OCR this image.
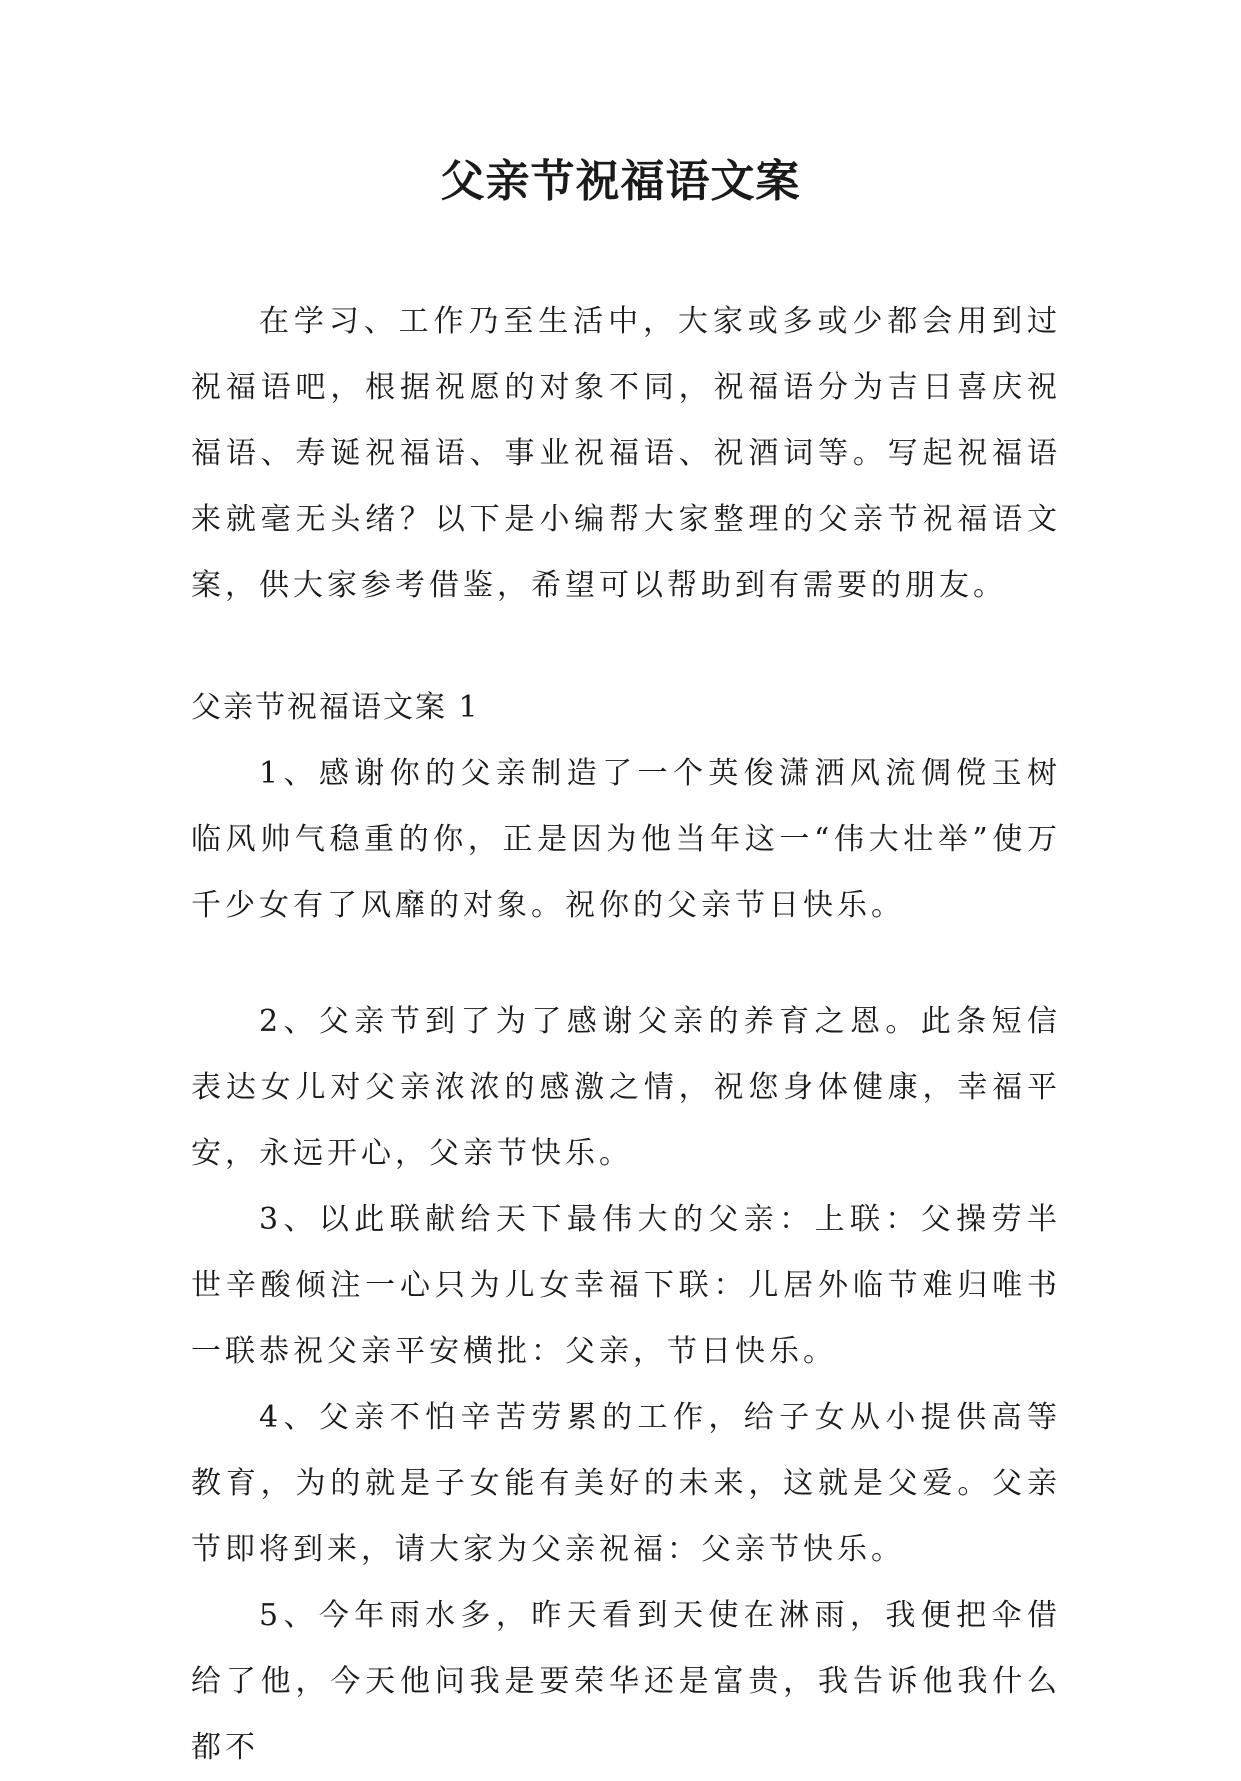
父亲节祝福语文案

在学习、工作乃至生活中，大家或多或少都会用到过祝福语吧，根据祝愿的对象不同，祝福语分为吉日喜庆祝福语、寿诞祝福语、事业祝福语、祝酒词等。写起祝福语来就毫无头绪？以下是小编帮大家整理的父亲节祝福语文案，供大家参考借鉴，希望可以帮助到有需要的朋友。

父亲节祝福语文案 1

1、感谢你的父亲制造了一个英俊潇洒风流倜傥玉树临风帅气稳重的你，正是因为他当年这一“伟大壮举”使万千少女有了风靡的对象。祝你的父亲节日快乐。

2、父亲节到了为了感谢父亲的养育之恩。此条短信表达女儿对父亲浓浓的感激之情，祝您身体健康，幸福平安，永远开心，父亲节快乐。

3、以此联献给天下最伟大的父亲：上联：父操劳半世辛酸倾注一心只为儿女幸福下联：儿居外临节难归唯书一联恭祝父亲平安横批：父亲，节日快乐。

4、父亲不怕辛苦劳累的工作，给子女从小提供高等教育，为的就是子女能有美好的未来，这就是父爱。父亲节即将到来，请大家为父亲祝福：父亲节快乐。

5、今年雨水多，昨天看到天使在淋雨，我便把伞借给了他，今天他问我是要荣华还是富贵，我告诉他我什么都不
